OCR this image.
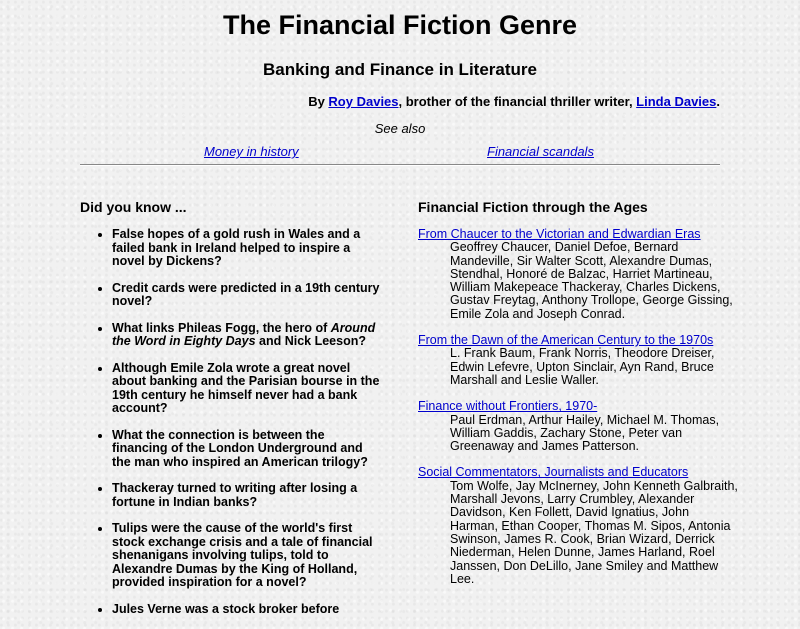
The Financial Fiction Genre
Banking and Finance in Literature
By Roy Davies, brother of the financial thriller writer, Linda Davies.
See also
Money in history	Financial scandals
Did you know ...
• False hopes of a gold rush in Wales and a failed bank in Ireland helped to inspire a novel by Dickens?
• Credit cards were predicted in a 19th century novel?
• What links Phileas Fogg, the hero of Around the Word in Eighty Days and Nick Leeson?
• Although Emile Zola wrote a great novel about banking and the Parisian bourse in the 19th century he himself never had a bank account?
• What the connection is between the financing of the London Underground and the man who inspired an American trilogy?
• Thackeray turned to writing after losing a fortune in Indian banks?
• Tulips were the cause of the world's first stock exchange crisis and a tale of financial shenanigans involving tulips, told to Alexandre Dumas by the King of Holland, provided inspiration for a novel?
• Jules Verne was a stock broker before
Financial Fiction through the Ages
From Chaucer to the Victorian and Edwardian Eras
Geoffrey Chaucer, Daniel Defoe, Bernard Mandeville, Sir Walter Scott, Alexandre Dumas, Stendhal, Honoré de Balzac, Harriet Martineau, William Makepeace Thackeray, Charles Dickens, Gustav Freytag, Anthony Trollope, George Gissing, Emile Zola and Joseph Conrad.
From the Dawn of the American Century to the 1970s
L. Frank Baum, Frank Norris, Theodore Dreiser, Edwin Lefevre, Upton Sinclair, Ayn Rand, Bruce Marshall and Leslie Waller.
Finance without Frontiers, 1970-
Paul Erdman, Arthur Hailey, Michael M. Thomas, William Gaddis, Zachary Stone, Peter van Greenaway and James Patterson.
Social Commentators, Journalists and Educators
Tom Wolfe, Jay McInerney, John Kenneth Galbraith, Marshall Jevons, Larry Crumbley, Alexander Davidson, Ken Follett, David Ignatius, John Harman, Ethan Cooper, Thomas M. Sipos, Antonia Swinson, James R. Cook, Brian Wizard, Derrick Niederman, Helen Dunne, James Harland, Roel Janssen, Don DeLillo, Jane Smiley and Matthew Lee.
